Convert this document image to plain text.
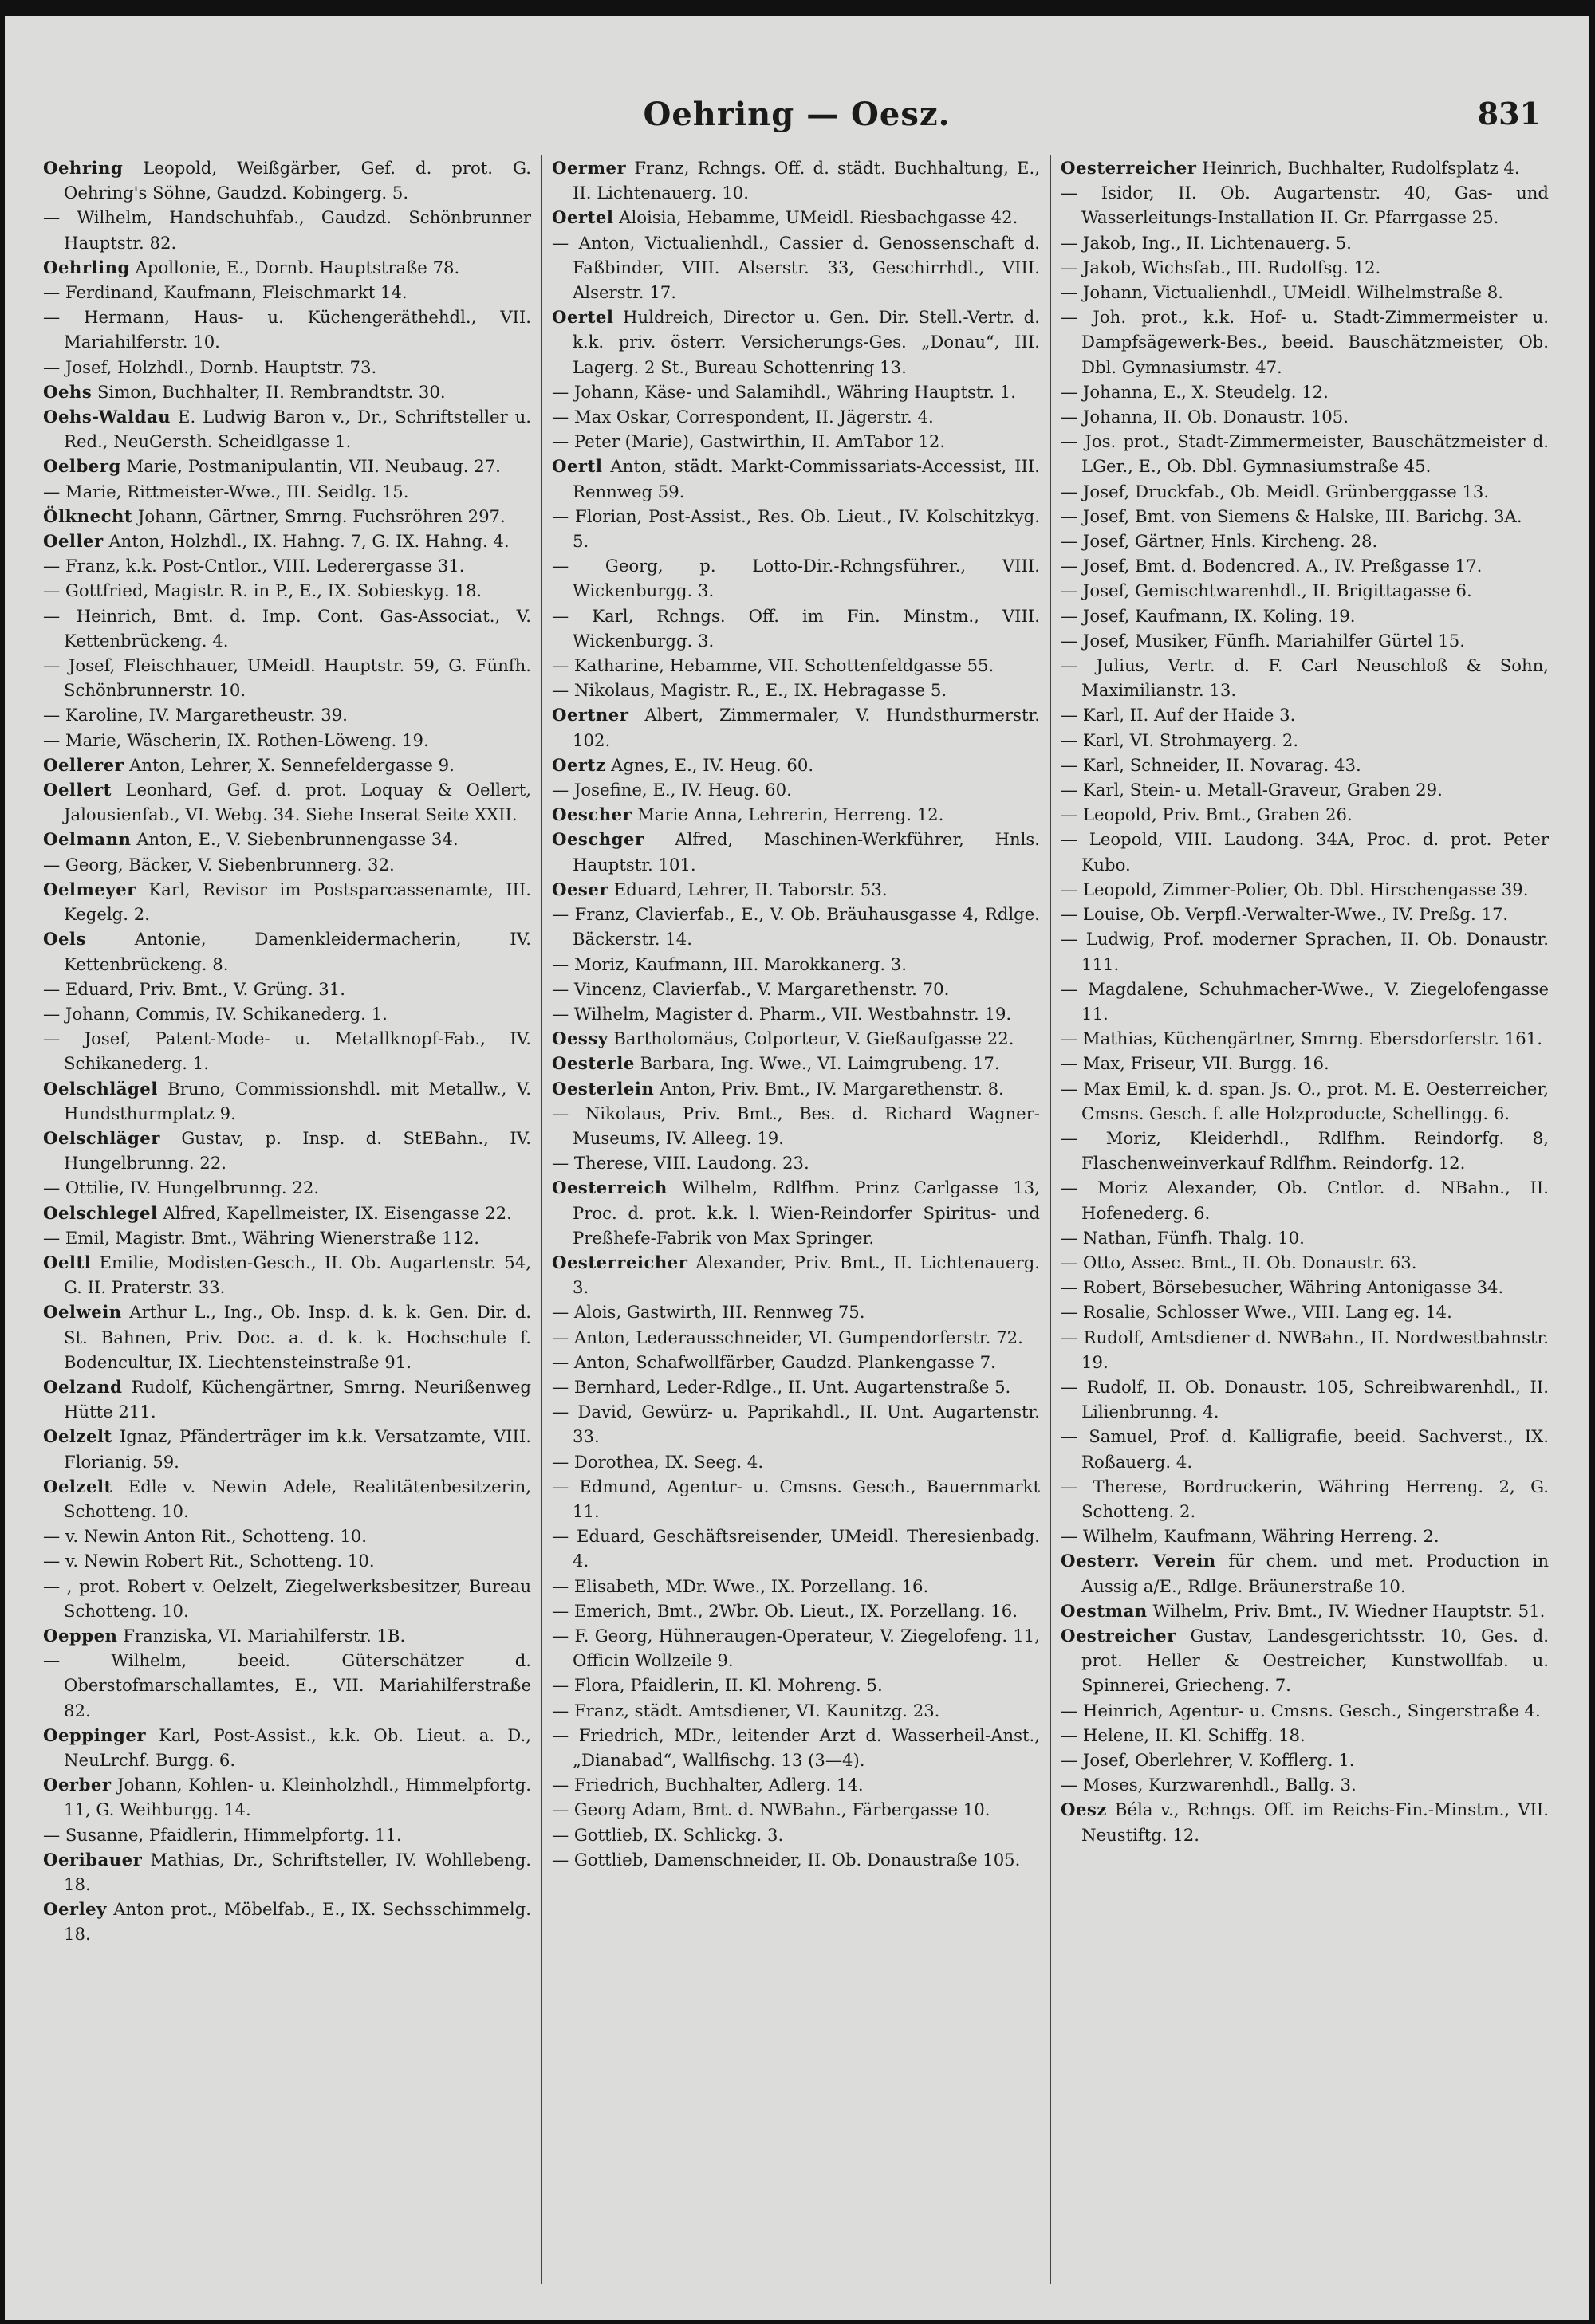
Oehring — Oesz.	831

Oehring Leopold, Weißgärber, Gef. d. prot. G. Oehring's Söhne, Gaudzd. Kobingerg. 5.

— Wilhelm, Handschuhfab., Gaudzd. Schönbrunner Hauptstr. 82.

Oehrling Apollonie, E., Dornb. Hauptstraße 78.

— Ferdinand, Kaufmann, Fleischmarkt 14.

— Hermann, Haus- u. Küchengeräthehdl., VII. Mariahilferstr. 10.

— Josef, Holzhdl., Dornb. Hauptstr. 73.

Oehs Simon, Buchhalter, II. Rembrandtstr. 30.

Oehs-Waldau E. Ludwig Baron v., Dr., Schriftsteller u. Red., NeuGersth. Scheidlgasse 1.

Oelberg Marie, Postmanipulantin, VII. Neubaug. 27.

— Marie, Rittmeister-Wwe., III. Seidlg. 15.

Ölknecht Johann, Gärtner, Smrng. Fuchsröhren 297.

Oeller Anton, Holzhdl., IX. Hahng. 7, G. IX. Hahng. 4.

— Franz, k.k. Post-Cntlor., VIII. Lederergasse 31.

— Gottfried, Magistr. R. in P., E., IX. Sobieskyg. 18.

— Heinrich, Bmt. d. Imp. Cont. Gas-Associat., V. Kettenbrückeng. 4.

— Josef, Fleischhauer, UMeidl. Hauptstr. 59, G. Fünfh. Schönbrunnerstr. 10.

— Karoline, IV. Margaretheustr. 39.

— Marie, Wäscherin, IX. Rothen-Löweng. 19.

Oellerer Anton, Lehrer, X. Sennefeldergasse 9.

Oellert Leonhard, Gef. d. prot. Loquay & Oellert, Jalousienfab., VI. Webg. 34. Siehe Inserat Seite XXII.

Oelmann Anton, E., V. Siebenbrunnengasse 34.

— Georg, Bäcker, V. Siebenbrunnerg. 32.

Oelmeyer Karl, Revisor im Postsparcassenamte, III. Kegelg. 2.

Oels	Antonie, Damenkleidermacherin, IV. Kettenbrückeng. 8.

— Eduard, Priv. Bmt., V. Grüng. 31.

— Johann, Commis, IV. Schikanederg. 1.

— Josef, Patent-Mode- u. Metallknopf-Fab., IV. Schikanederg. 1.

Oelschlägel Bruno, Commissionshdl. mit Metallw., V. Hundsthurmplatz 9.

Oelschläger Gustav, p. Insp. d. StEBahn., IV. Hungelbrunng. 22.

— Ottilie, IV. Hungelbrunng. 22.

Oelschlegel Alfred, Kapellmeister, IX. Eisengasse 22.

— Emil, Magistr. Bmt., Währing Wienerstraße 112.

Oeltl Emilie, Modisten-Gesch., II. Ob. Augartenstr. 54, G. II. Praterstr. 33.

Oelwein Arthur L., Ing., Ob. Insp. d. k. k. Gen. Dir. d. St. Bahnen, Priv. Doc. a. d. k. k. Hochschule f. Bodencultur, IX. Liechtensteinstraße 91.

Oelzand Rudolf, Küchengärtner, Smrng. Neurißenweg Hütte 211.

Oelzelt Ignaz, Pfänderträger im k.k. Versatzamte, VIII. Florianig. 59.

Oelzelt Edle v. Newin Adele, Realitätenbesitzerin, Schotteng. 10.

— v. Newin Anton Rit., Schotteng. 10.

— v. Newin Robert Rit., Schotteng. 10.

— , prot. Robert v. Oelzelt, Ziegelwerksbesitzer, Bureau Schotteng. 10.

Oeppen Franziska, VI. Mariahilferstr. 1B.

— Wilhelm, beeid. Güterschätzer d. Oberstofmarschallamtes, E., VII. Mariahilferstraße 82.

Oeppinger Karl, Post-Assist., k.k. Ob. Lieut. a. D., NeuLrchf. Burgg. 6.

Oerber Johann, Kohlen- u. Kleinholzhdl., Himmelpfortg. 11, G. Weihburgg. 14.

— Susanne, Pfaidlerin, Himmelpfortg. 11.

Oeribauer Mathias, Dr., Schriftsteller, IV. Wohllebeng. 18.

Oerley Anton prot., Möbelfab., E., IX. Sechsschimmelg. 18.

Oermer Franz, Rchngs. Off. d. städt. Buchhaltung, E., II. Lichtenauerg. 10.

Oertel Aloisia, Hebamme, UMeidl. Riesbachgasse 42.

— Anton, Victualienhdl., Cassier d. Genossenschaft d. Faßbinder, VIII. Alserstr. 33, Geschirrhdl., VIII. Alserstr. 17.

Oertel Huldreich, Director u. Gen. Dir. Stell.-Vertr. d. k.k. priv. österr. Versicherungs-Ges. „Donau“, III. Lagerg. 2 St., Bureau Schottenring 13.

— Johann, Käse- und Salamihdl., Währing Hauptstr. 1.

— Max Oskar, Correspondent, II. Jägerstr. 4.

— Peter (Marie), Gastwirthin, II. AmTabor 12.

Oertl Anton, städt. Markt-Commissariats-Accessist, III. Rennweg 59.

— Florian, Post-Assist., Res. Ob. Lieut., IV. Kolschitzkyg. 5.

— Georg, p. Lotto-Dir.-Rchngsführer., VIII. Wickenburgg. 3.

— Karl, Rchngs. Off. im Fin. Minstm., VIII. Wickenburgg. 3.

— Katharine, Hebamme, VII. Schottenfeldgasse 55.

— Nikolaus, Magistr. R., E., IX. Hebragasse 5.

Oertner Albert, Zimmermaler, V. Hundsthurmerstr. 102.

Oertz Agnes, E., IV. Heug. 60.

— Josefine, E., IV. Heug. 60.

Oescher Marie Anna, Lehrerin, Herreng. 12.

Oeschger Alfred, Maschinen-Werkführer, Hnls. Hauptstr. 101.

Oeser Eduard, Lehrer, II. Taborstr. 53.

— Franz, Clavierfab., E., V. Ob. Bräuhausgasse 4, Rdlge. Bäckerstr. 14.

— Moriz, Kaufmann, III. Marokkanerg. 3.

— Vincenz, Clavierfab., V. Margarethenstr. 70.

— Wilhelm, Magister d. Pharm., VII. Westbahnstr. 19.

Oessy Bartholomäus, Colporteur, V. Gießaufgasse 22.

Oesterle Barbara, Ing. Wwe., VI. Laimgrubeng. 17.

Oesterlein Anton, Priv. Bmt., IV. Margarethenstr. 8.

— Nikolaus, Priv. Bmt., Bes. d. Richard Wagner-Museums, IV. Alleeg. 19.

— Therese, VIII. Laudong. 23.

Oesterreich Wilhelm, Rdlfhm. Prinz Carlgasse 13, Proc. d. prot. k.k. l. Wien-Reindorfer Spiritus- und Preßhefe-Fabrik von Max Springer.

Oesterreicher Alexander, Priv. Bmt., II. Lichtenauerg. 3.

— Alois, Gastwirth, III. Rennweg 75.

— Anton, Lederausschneider, VI. Gumpendorferstr. 72.

— Anton, Schafwollfärber, Gaudzd. Plankengasse 7.

— Bernhard, Leder-Rdlge., II. Unt. Augartenstraße 5.

— David, Gewürz- u. Paprikahdl., II. Unt. Augartenstr. 33.

— Dorothea, IX. Seeg. 4.

— Edmund, Agentur- u. Cmsns. Gesch., Bauernmarkt 11.

— Eduard, Geschäftsreisender, UMeidl. Theresienbadg. 4.

— Elisabeth, MDr. Wwe., IX. Porzellang. 16.

— Emerich, Bmt., 2Wbr. Ob. Lieut., IX. Porzellang. 16.

— F. Georg, Hühneraugen-Operateur, V. Ziegelofeng. 11, Officin Wollzeile 9.

— Flora, Pfaidlerin, II. Kl. Mohreng. 5.

— Franz, städt. Amtsdiener, VI. Kaunitzg. 23.

— Friedrich, MDr., leitender Arzt d. Wasserheil-Anst., „Dianabad“, Wallfischg. 13 (3—4).

— Friedrich, Buchhalter, Adlerg. 14.

— Georg Adam, Bmt. d. NWBahn., Färbergasse 10.

— Gottlieb, IX. Schlickg. 3.

— Gottlieb, Damenschneider, II. Ob. Donaustraße 105.

Oesterreicher Heinrich, Buchhalter, Rudolfsplatz 4.

— Isidor, II. Ob. Augartenstr. 40, Gas- und Wasserleitungs-Installation II. Gr. Pfarrgasse 25.

— Jakob, Ing., II. Lichtenauerg. 5.

— Jakob, Wichsfab., III. Rudolfsg. 12.

— Johann, Victualienhdl., UMeidl. Wilhelmstraße 8.

— Joh. prot., k.k. Hof- u. Stadt-Zimmermeister u. Dampfsägewerk-Bes., beeid. Bauschätzmeister, Ob. Dbl. Gymnasiumstr. 47.

— Johanna, E., X. Steudelg. 12.

— Johanna, II. Ob. Donaustr. 105.

— Jos. prot., Stadt-Zimmermeister, Bauschätzmeister d. LGer., E., Ob. Dbl. Gymnasiumstraße 45.

— Josef, Druckfab., Ob. Meidl. Grünberggasse 13.

— Josef, Bmt. von Siemens & Halske, III. Barichg. 3A.

— Josef, Gärtner, Hnls. Kircheng. 28.

— Josef, Bmt. d. Bodencred. A., IV. Preßgasse 17.

— Josef, Gemischtwarenhdl., II. Brigittagasse 6.

— Josef, Kaufmann, IX. Koling. 19.

— Josef, Musiker, Fünfh. Mariahilfer Gürtel 15.

— Julius, Vertr. d. F. Carl Neuschloß & Sohn, Maximilianstr. 13.

— Karl, II. Auf der Haide 3.

— Karl, VI. Strohmayerg. 2.

— Karl, Schneider, II. Novarag. 43.

— Karl, Stein- u. Metall-Graveur, Graben 29.

— Leopold, Priv. Bmt., Graben 26.

— Leopold, VIII. Laudong. 34A, Proc. d. prot. Peter Kubo.

— Leopold, Zimmer-Polier, Ob. Dbl. Hirschengasse 39.

— Louise, Ob. Verpfl.-Verwalter-Wwe., IV. Preßg. 17.

— Ludwig, Prof. moderner Sprachen, II. Ob. Donaustr. 111.

— Magdalene, Schuhmacher-Wwe., V. Ziegelofengasse 11.

— Mathias, Küchengärtner, Smrng. Ebersdorferstr. 161.

— Max, Friseur, VII. Burgg. 16.

— Max Emil, k. d. span. Js. O., prot. M. E. Oesterreicher, Cmsns. Gesch. f. alle Holzproducte, Schellingg. 6.

— Moriz, Kleiderhdl., Rdlfhm. Reindorfg. 8, Flaschenweinverkauf Rdlfhm. Reindorfg. 12.

— Moriz Alexander, Ob. Cntlor. d. NBahn., II. Hofenederg. 6.

— Nathan, Fünfh. Thalg. 10.

— Otto, Assec. Bmt., II. Ob. Donaustr. 63.

— Robert, Börsebesucher, Währing Antonigasse 34.

— Rosalie, Schlosser Wwe., VIII. Lang eg. 14.

— Rudolf, Amtsdiener d. NWBahn., II. Nordwestbahnstr. 19.

— Rudolf, II. Ob. Donaustr. 105, Schreibwarenhdl., II. Lilienbrunng. 4.

— Samuel, Prof. d. Kalligrafie, beeid. Sachverst., IX. Roßauerg. 4.

— Therese, Bordruckerin, Währing Herreng. 2, G. Schotteng. 2.

— Wilhelm, Kaufmann, Währing Herreng. 2.

Oesterr. Verein für chem. und met. Production in Aussig a/E., Rdlge. Bräunerstraße 10.

Oestman Wilhelm, Priv. Bmt., IV. Wiedner Hauptstr. 51.

Oestreicher Gustav, Landesgerichtsstr. 10, Ges. d. prot. Heller & Oestreicher, Kunstwollfab. u. Spinnerei, Griecheng. 7.

— Heinrich, Agentur- u. Cmsns. Gesch., Singerstraße 4.

— Helene, II. Kl. Schiffg. 18.

— Josef, Oberlehrer, V. Kofflerg. 1.

— Moses, Kurzwarenhdl., Ballg. 3.

Oesz Béla v., Rchngs. Off. im Reichs-Fin.-Minstm., VII. Neustiftg. 12.
